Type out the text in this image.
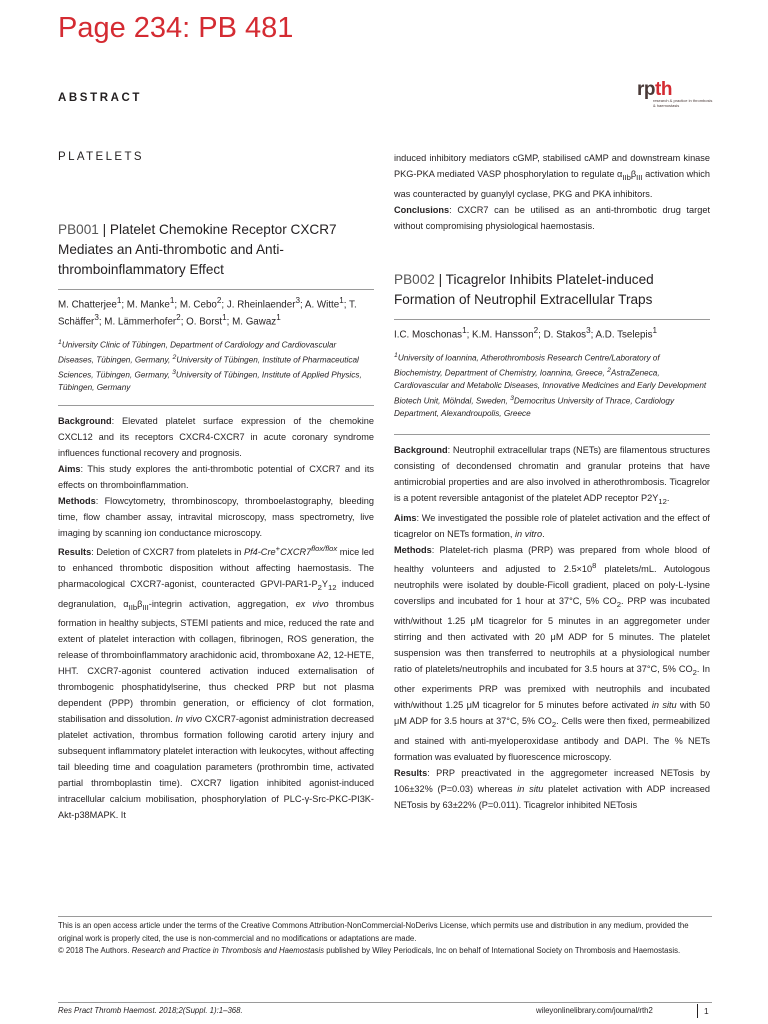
Page 234: PB 481
ABSTRACT	rpth
research & practice in thrombosis & haemostasis
PLATELETS
PB001 | Platelet Chemokine Receptor CXCR7 Mediates an Anti-thrombotic and Anti-thromboinflammatory Effect
M. Chatterjee$^1$; M. Manke$^1$; M. Cebo$^2$; J. Rheinlaender$^3$; A. Witte$^1$; T. Schäffer$^3$; M. Lämmerhofer$^2$; O. Borst$^1$; M. Gawaz$^1$
$^1$University Clinic of Tübingen, Department of Cardiology and Cardiovascular Diseases, Tübingen, Germany, $^2$University of Tübingen, Institute of Pharmaceutical Sciences, Tübingen, Germany, $^3$University of Tübingen, Institute of Applied Physics, Tübingen, Germany
Background: Elevated platelet surface expression of the chemokine CXCL12 and its receptors CXCR4-CXCR7 in acute coronary syndrome influences functional recovery and prognosis.
Aims: This study explores the anti-thrombotic potential of CXCR7 and its effects on thromboinflammation.
Methods: Flowcytometry, thrombinoscopy, thromboelastography, bleeding time, flow chamber assay, intravital microscopy, mass spectrometry, live imaging by scanning ion conductance microscopy.
Results: Deletion of CXCR7 from platelets in $Pf4-Cre^+CXCR7^{flox/flox}$ mice led to enhanced thrombotic disposition without affecting haemostasis. The pharmacological CXCR7-agonist, counteracted GPVI-$PAR1-P_2Y_{12}$ induced degranulation, $\alpha_{IIb}\beta_{III}$-integrin activation, aggregation, ex vivo thrombus formation in healthy subjects, STEMI patients and mice, reduced the rate and extent of platelet interaction with collagen, fibrinogen, ROS generation, the release of thromboinflammatory arachidonic acid, thromboxane A2, 12-HETE, HHT. CXCR7-agonist countered activation induced externalisation of thrombogenic phosphatidylserine, thus checked PRP but not plasma dependent (PPP) thrombin generation, or efficiency of clot formation, stabilisation and dissolution. In vivo CXCR7-agonist administration decreased platelet activation, thrombus formation following carotid artery injury and subsequent inflammatory platelet interaction with leukocytes, without affecting tail bleeding time and coagulation parameters (prothrombin time, activated partial thromboplastin time). CXCR7 ligation inhibited agonist-induced intracellular calcium mobilisation, phosphorylation of PLC-γ-Src-PKC-PI3K-Akt-p38MAPK. It
induced inhibitory mediators cGMP, stabilised cAMP and downstream kinase PKG-PKA mediated VASP phosphorylation to regulate $\alpha_{IIb}\beta_{III}$ activation which was counteracted by guanylyl cyclase, PKG and PKA inhibitors.
Conclusions: CXCR7 can be utilised as an anti-thrombotic drug target without compromising physiological haemostasis.
PB002 | Ticagrelor Inhibits Platelet-induced Formation of Neutrophil Extracellular Traps
I.C. Moschonas$^1$; K.M. Hansson$^2$; D. Stakos$^3$; A.D. Tselepis$^1$
$^1$University of Ioannina, Atherothrombosis Research Centre/Laboratory of Biochemistry, Department of Chemistry, Ioannina, Greece, $^2$AstraZeneca, Cardiovascular and Metabolic Diseases, Innovative Medicines and Early Development Biotech Unit, Mölndal, Sweden, $^3$Democritus University of Thrace, Cardiology Department, Alexandroupolis, Greece
Background: Neutrophil extracellular traps (NETs) are filamentous structures consisting of decondensed chromatin and granular proteins that have antimicrobial properties and are also involved in atherothrombosis. Ticagrelor is a potent reversible antagonist of the platelet ADP receptor $P2Y_{12}$.
Aims: We investigated the possible role of platelet activation and the effect of ticagrelor on NETs formation, in vitro.
Methods: Platelet-rich plasma (PRP) was prepared from whole blood of healthy volunteers and adjusted to $2.5\times 10^8$ platelets/mL. Autologous neutrophils were isolated by double-Ficoll gradient, placed on poly-L-lysine coverslips and incubated for 1 hour at 37°C, 5% $CO_2$. PRP was incubated with/without 1.25 μM ticagrelor for 5 minutes in an aggregometer under stirring and then activated with 20 μM ADP for 5 minutes. The platelet suspension was then transferred to neutrophils at a physiological number ratio of platelets/neutrophils and incubated for 3.5 hours at 37°C, 5% $CO_2$. In other experiments PRP was premixed with neutrophils and incubated with/without 1.25 μM ticagrelor for 5 minutes before activated in situ with 50 μM ADP for 3.5 hours at 37°C, 5% $CO_2$. Cells were then fixed, permeabilized and stained with anti-myeloperoxidase antibody and DAPI. The % NETs formation was evaluated by fluorescence microscopy.
Results: PRP preactivated in the aggregometer increased NETosis by 106±32% (P=0.03) whereas in situ platelet activation with ADP increased NETosis by 63±22% (P=0.011). Ticagrelor inhibited NETosis
This is an open access article under the terms of the Creative Commons Attribution-NonCommercial-NoDerivs License, which permits use and distribution in any medium, provided the original work is properly cited, the use is non-commercial and no modifications or adaptations are made.
© 2018 The Authors. Research and Practice in Thrombosis and Haemostasis published by Wiley Periodicals, Inc on behalf of International Society on Thrombosis and Haemostasis.
Res Pract Thromb Haemost. 2018;2(Suppl. 1):1–368.	wileyonlinelibrary.com/journal/rth2	1
